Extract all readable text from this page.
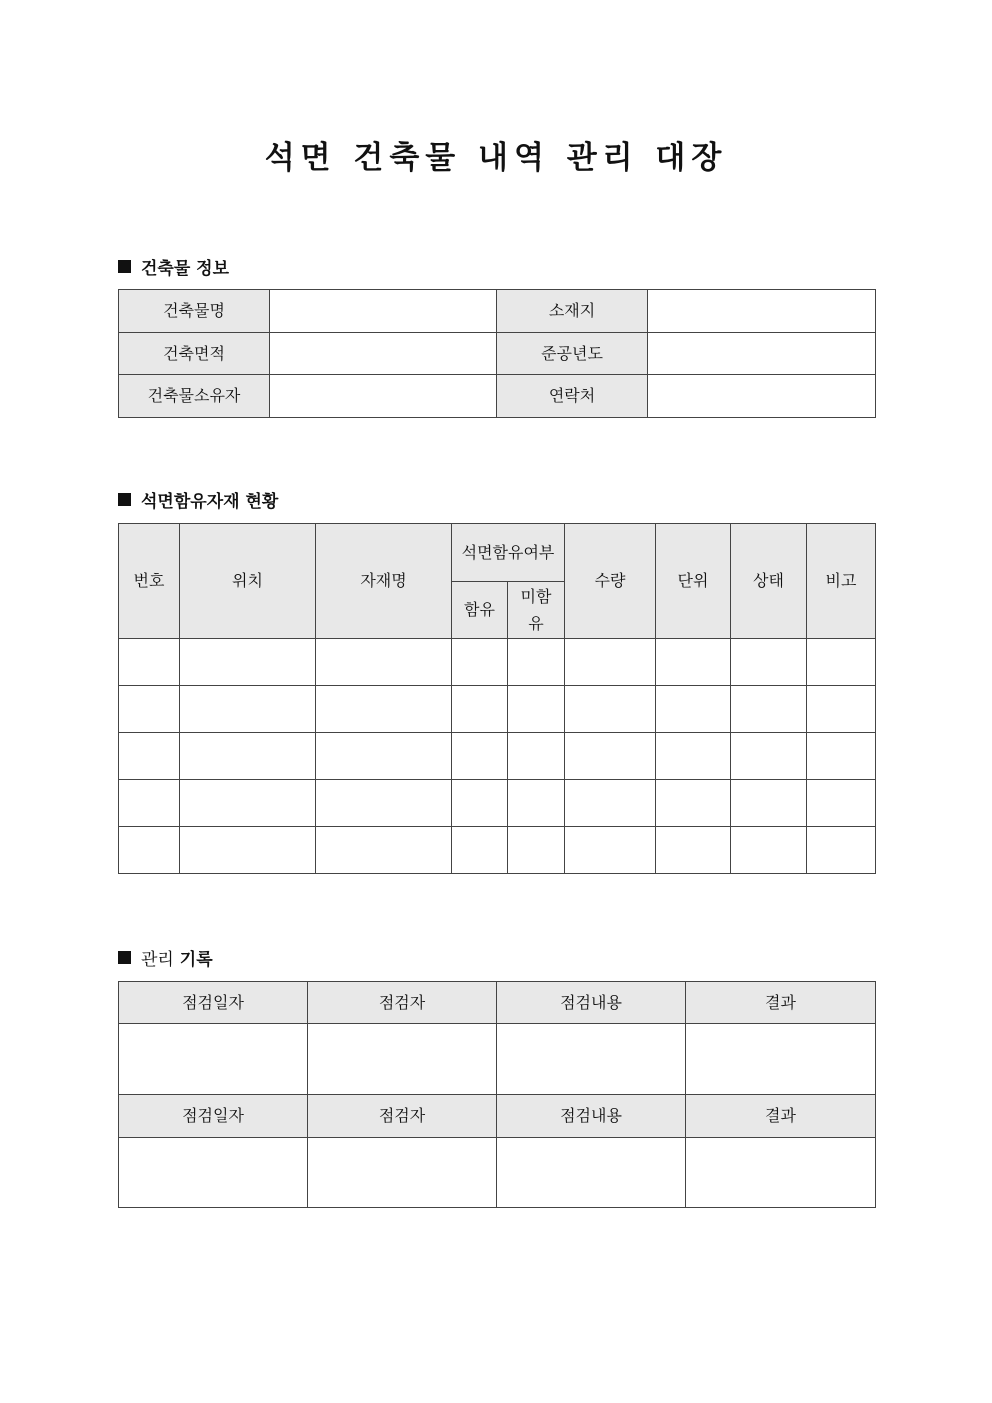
석면 건축물 내역 관리 대장
건축물 정보
건축물명		소재지	
건축면적		준공년도	
건축물소유자		연락처	
석면함유자재 현황
번호	위치	자재명	석면함유여부		수량	단위	상태	비고
			함유	미함유				

관리 기록
점검일자	점검자	점검내용	결과

점검일자	점검자	점검내용	결과
